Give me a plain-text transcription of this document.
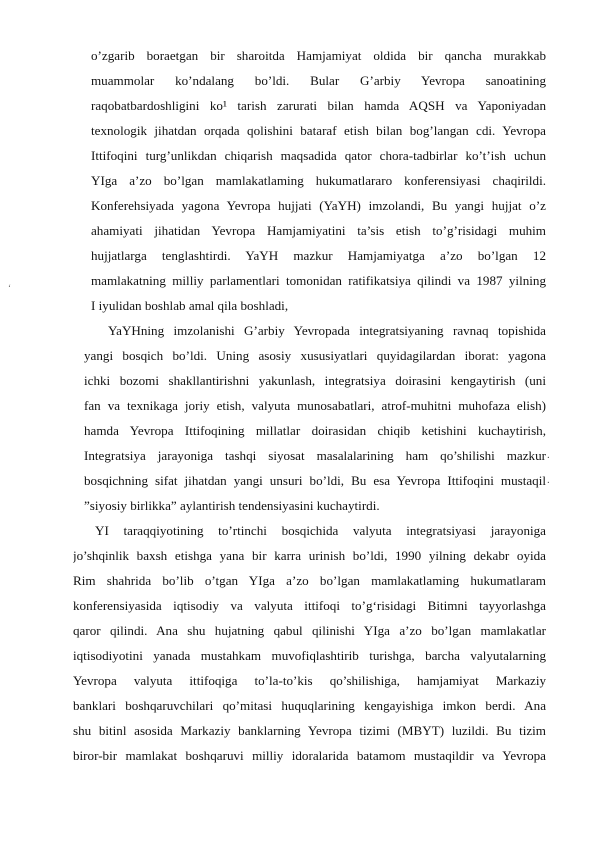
‘
o’zgarib boraetgan bir sharoitda Hamjamiyat oldida bir qancha murakkab
muammolar ko’ndalang bo’ldi. Bular G’arbiy Yevropa sanoatining
raqobatbardoshligini ko¹ tarish zarurati bilan hamda AQSH va Yaponiyadan
texnologik jihatdan orqada qolishini bataraf etish bilan bog’langan cdi. Yevropa
Ittifoqini turg’unlikdan chiqarish maqsadida qator chora-tadbirlar ko’t’ish uchun
YIga a’zo bo’lgan mamlakatlaming hukumatlararo konferensiyasi chaqirildi.
Konferehsiyada yagona Yevropa hujjati (YaYH) imzolandi, Bu yangi hujjat o’z
ahamiyati jihatidan Yevropa Hamjamiyatini ta’sis etish to’g’risidagi muhim
hujjatlarga tenglashtirdi. YaYH mazkur Hamjamiyatga a’zo bo’lgan 12
mamlakatning milliy parlamentlari tomonidan ratifikatsiya qilindi va 1987 yilning
I iyulidan boshlab amal qila boshladi,
YaYHning imzolanishi G’arbiy Yevropada integratsiyaning ravnaq topishida
yangi bosqich bo’ldi. Uning asosiy xususiyatlari quyidagilardan iborat: yagona
ichki bozomi shakllantirishni yakunlash, integratsiya doirasini kengaytirish (uni
fan va texnikaga joriy etish, valyuta munosabatlari, atrof-muhitni muhofaza elish)
hamda Yevropa Ittifoqining millatlar doirasidan chiqib ketishini kuchaytirish,
Integratsiya jarayoniga tashqi siyosat masalalarining ham qo’shilishi mazkur
bosqichning sifat jihatdan yangi unsuri bo’ldi, Bu esa Yevropa Ittifoqini mustaqil
”siyosiy birlikka” aylantirish tendensiyasini kuchaytirdi.
.
.
YI taraqqiyotining to’rtinchi bosqichida valyuta integratsiyasi jarayoniga
jo’shqinlik baxsh etishga yana bir karra urinish bo’ldi, 1990 yilning dekabr oyida
Rim shahrida bo’lib o’tgan YIga a’zo bo’lgan mamlakatlaming hukumatlaram
konferensiyasida iqtisodiy va valyuta ittifoqi to’g‘risidagi Bitimni tayyorlashga
qaror qilindi. Ana shu hujatning qabul qilinishi YIga a’zo bo’lgan mamlakatlar
iqtisodiyotini yanada mustahkam muvofiqlashtirib turishga, barcha valyutalarning
Yevropa valyuta ittifoqiga to’la-to’kis qo’shilishiga, hamjamiyat Markaziy
banklari boshqaruvchilari qo’mitasi huquqlarining kengayishiga imkon berdi. Ana
shu bitinl asosida Markaziy banklarning Yevropa tizimi (MBYT) luzildi. Bu tizim
biror-bir mamlakat boshqaruvi milliy idoralarida batamom mustaqildir va Yevropa
